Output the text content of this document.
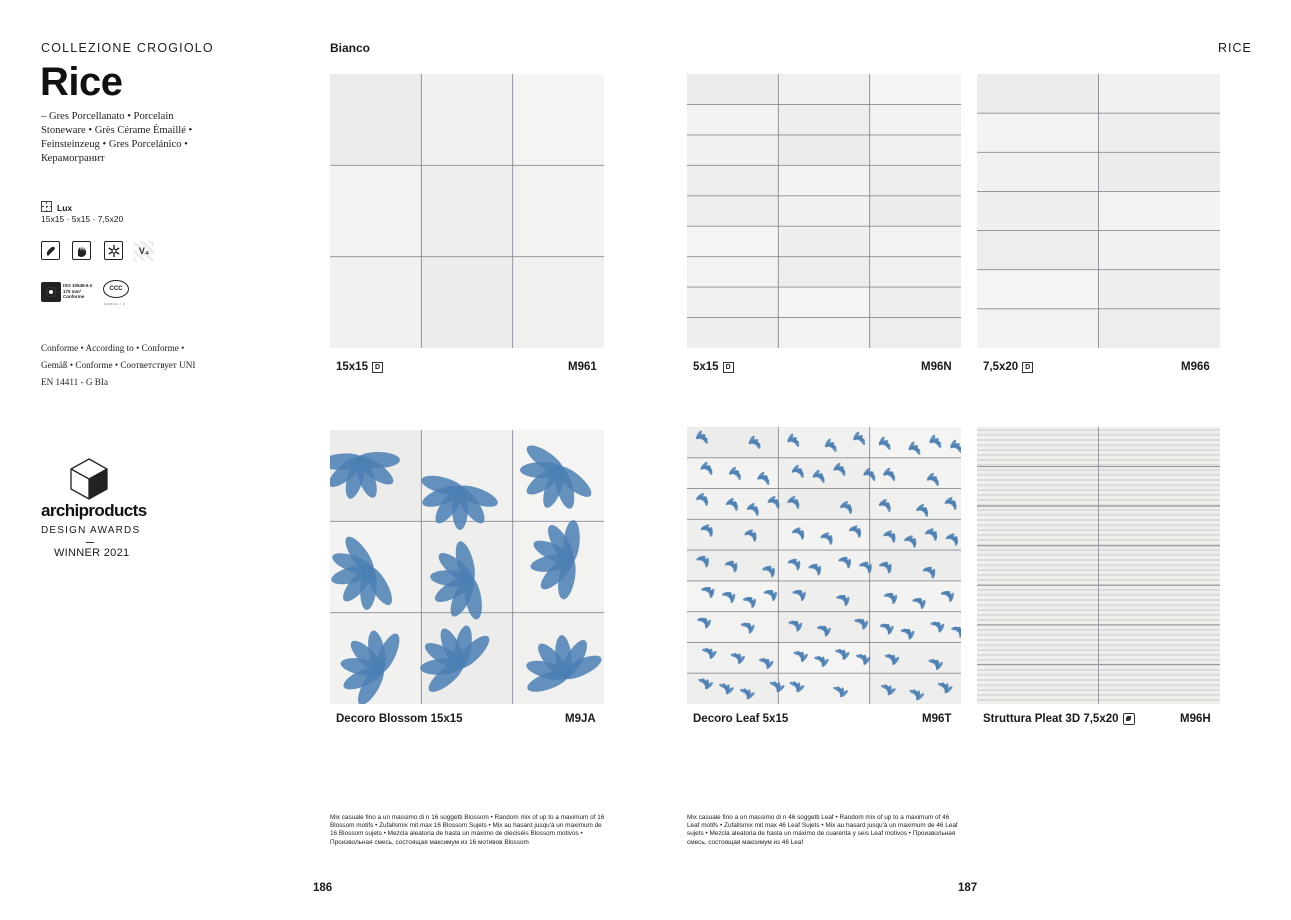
COLLEZIONE CROGIOLO
Rice
– Gres Porcellanato • Porcelain Stoneware • Grès Cérame Émaillé • Feinsteinzeug • Gres Porcelánico • Керамогранит
Lux
15x15 · 5x15 · 7,5x20
V₄
ISO 10545-6 ≤ 175 mm³ Conforme
CCC
2005011 / 0
Conforme • According to • Conforme • Gemäß • Conforme • Соответствует UNI EN 14411 - G BIa
archiproducts
DESIGN AWARDS
WINNER 2021
Bianco	RICE
15x15 D	M961	5x15 D	M96N	7,5x20 D	M966
Decoro Blossom 15x15	M9JA	Decoro Leaf 5x15	M96T	Struttura Pleat 3D 7,5x20	M96H
Mix casuale fino a un massimo di n 16 soggetti Blossom • Random mix of up to a maximum of 16 Blossom motifs • Zufallsmix mit max 16 Blossom Sujets • Mix au hasard jusqu'à un maximum de 16 Blossom sujets • Mezcla aleatoria de hasta un máximo de dieciséis Blossom motivos • Произвольная смесь, состоящая максимум из 16 мотивов Blossom
Mix casuale fino a un massimo di n 46 soggetti Leaf • Random mix of up to a maximum of 46 Leaf motifs • Zufallsmix mit max 46 Leaf Sujets • Mix au hasard jusqu'à un maximum de 46 Leaf sujets • Mezcla aleatoria de hasta un máximo de cuarenta y seis Leaf motivos • Произвольная смесь, состоящая максимум из 46 Leaf
186	187
